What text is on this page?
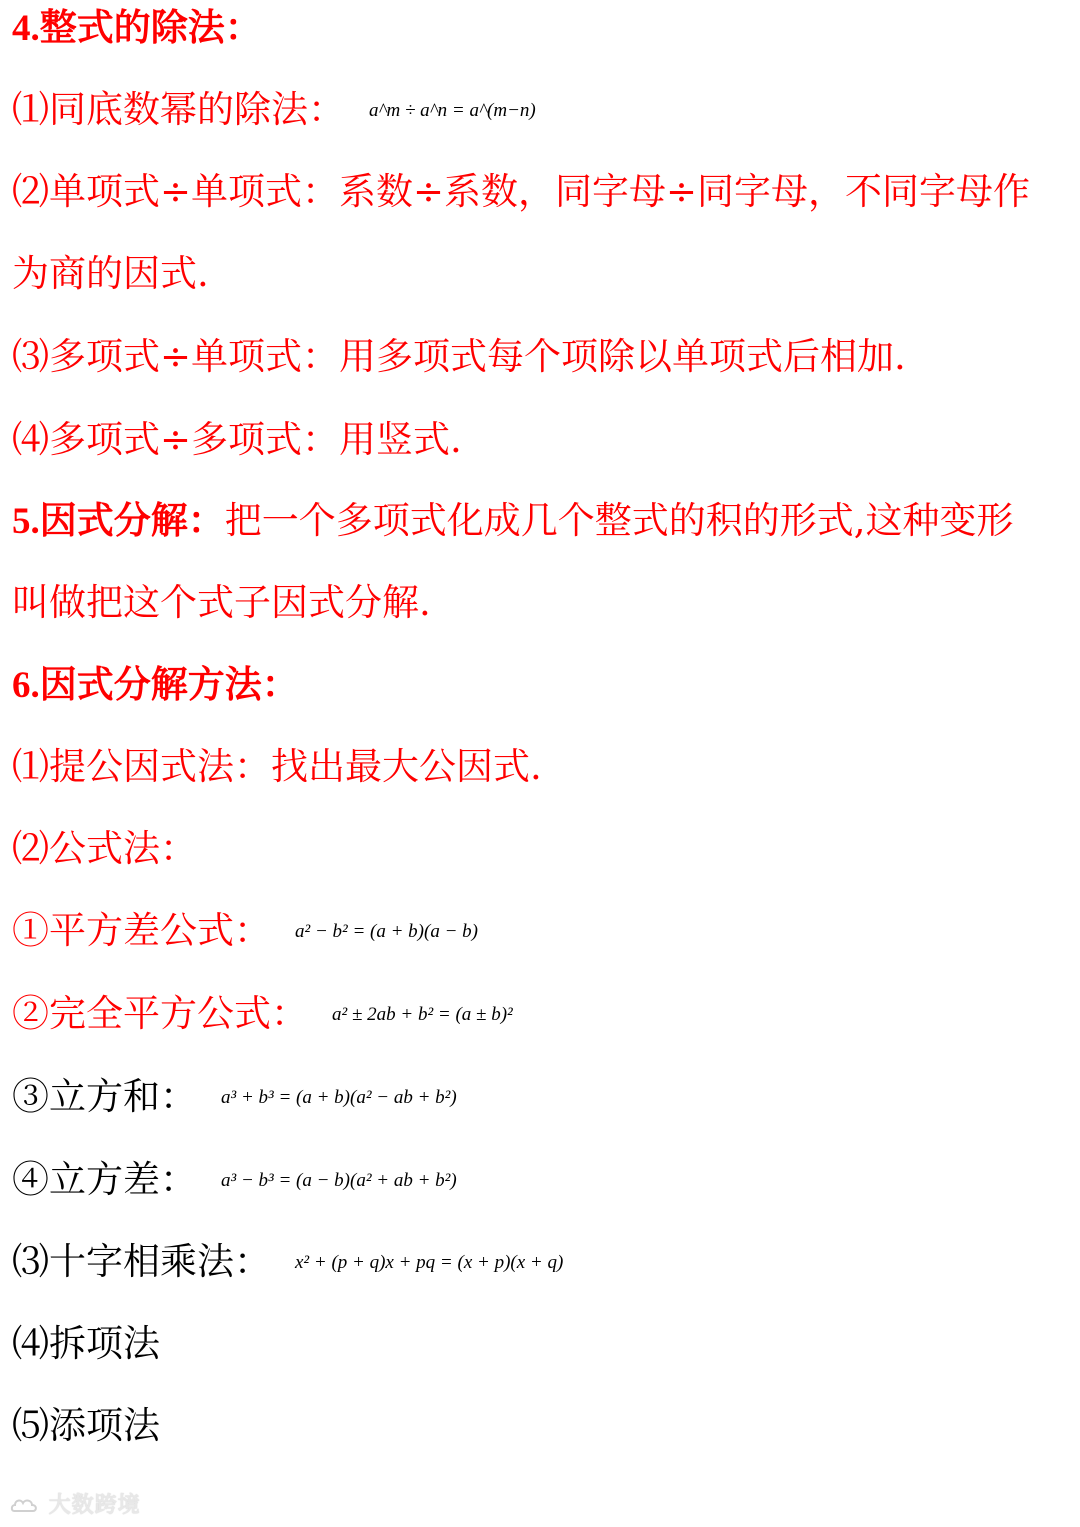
4.整式的除法：
⑴同底数幂的除法： a^m ÷ a^n = a^(m−n)
⑵单项式÷单项式：系数÷系数，同字母÷同字母，不同字母作
为商的因式.
⑶多项式÷单项式：用多项式每个项除以单项式后相加.
⑷多项式÷多项式：用竖式.
5.因式分解：把一个多项式化成几个整式的积的形式,这种变形
叫做把这个式子因式分解.
6.因式分解方法：
⑴提公因式法：找出最大公因式.
⑵公式法：
①平方差公式： a² − b² = (a + b)(a − b)
②完全平方公式： a² ± 2ab + b² = (a ± b)²
③立方和： a³ + b³ = (a + b)(a² − ab + b²)
④立方差： a³ − b³ = (a − b)(a² + ab + b²)
⑶十字相乘法： x² + (p + q)x + pq = (x + p)(x + q)
⑷拆项法
⑸添项法
大数跨境
